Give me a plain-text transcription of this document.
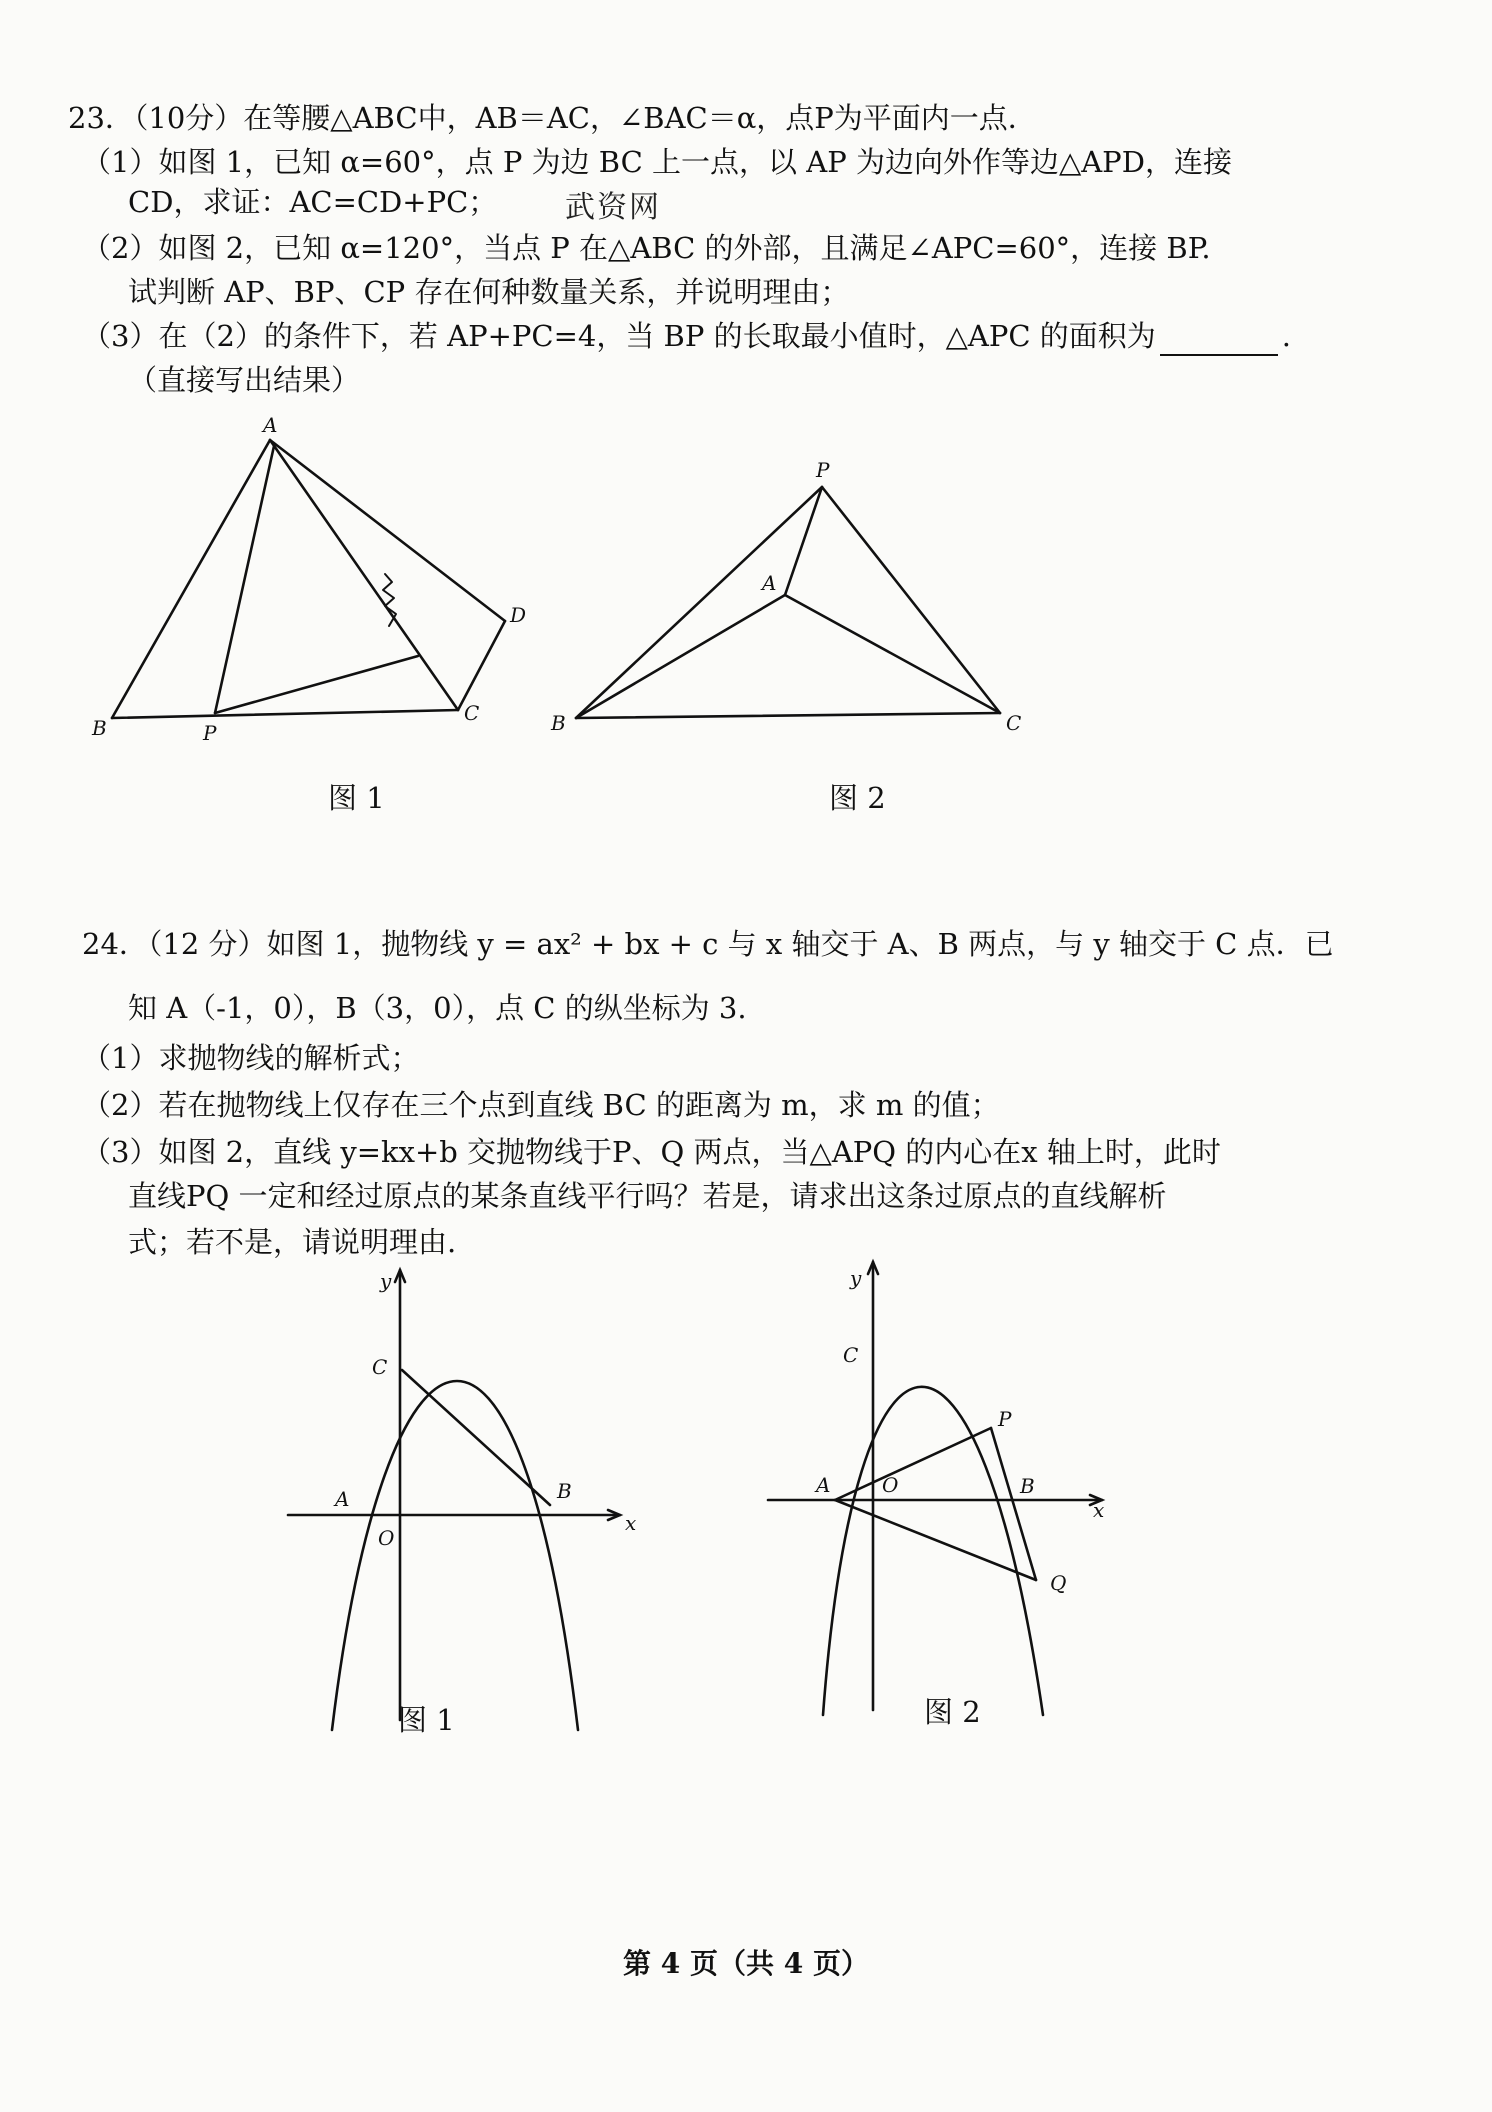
23．（10分）在等腰△ABC中，AB＝AC，∠BAC＝α，点P为平面内一点．
（1）如图 1，已知 α=60°，点 P 为边 BC 上一点，以 AP 为边向外作等边△APD，连接
CD，求证：AC=CD+PC； 武资网
（2）如图 2，已知 α=120°，当点 P 在△ABC 的外部，且满足∠APC=60°，连接 BP.
试判断 AP、BP、CP 存在何种数量关系，并说明理由；
（3）在（2）的条件下，若 AP+PC=4，当 BP 的长取最小值时，△APC 的面积为	.
（直接写出结果）
A
B	P
C
D
图 1
P
A
B	C
图 2
24．（12 分）如图 1，抛物线 y = ax² + bx + c 与 x 轴交于 A、B 两点，与 y 轴交于 C 点．已
知 A（-1，0），B（3，0），点 C 的纵坐标为 3.
（1）求抛物线的解析式；
（2）若在抛物线上仅存在三个点到直线 BC 的距离为 m，求 m 的值；
（3）如图 2，直线 y=kx+b 交抛物线于P、Q 两点，当△APQ 的内心在x 轴上时，此时
直线PQ 一定和经过原点的某条直线平行吗？若是，请求出这条过原点的直线解析
式；若不是，请说明理由.
y
x
C
A
O
B
图 1
y
x
C
P
A	O	B
Q
图 2
第 4 页（共 4 页）
